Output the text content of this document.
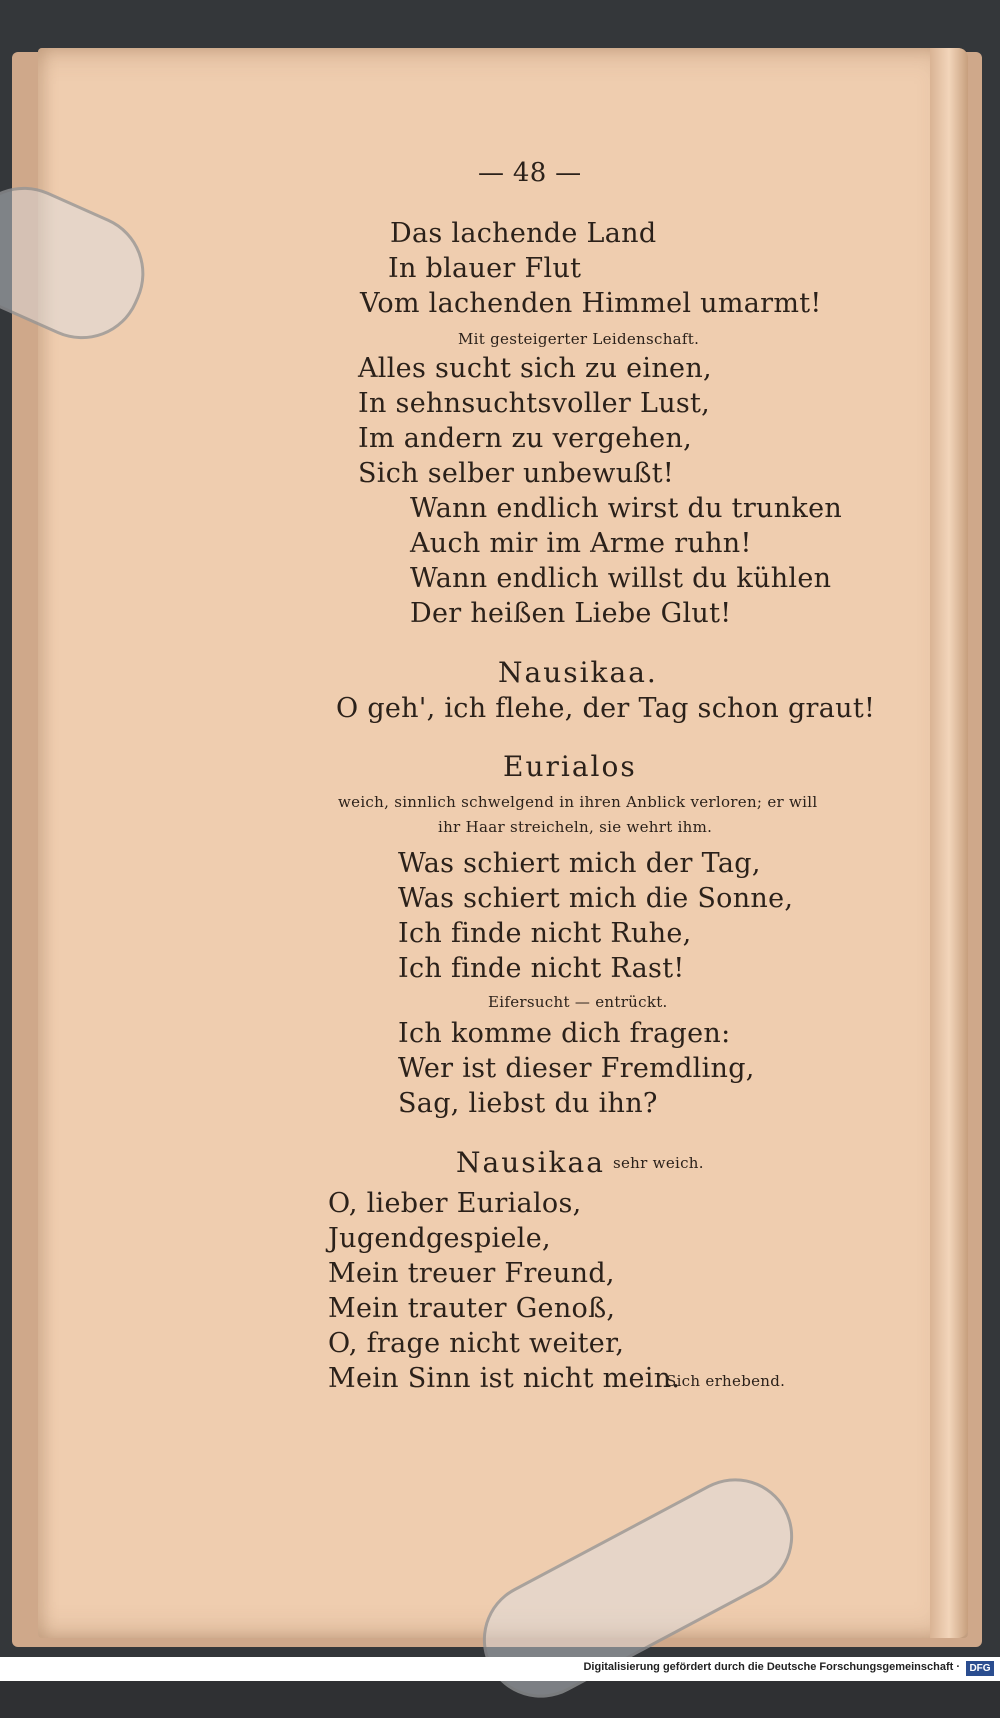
— 48 —
Das lachende Land
In blauer Flut
Vom lachenden Himmel umarmt!
Mit gesteigerter Leidenschaft.
Alles sucht sich zu einen,
In sehnsuchtsvoller Lust,
Im andern zu vergehen,
Sich selber unbewußt!
Wann endlich wirst du trunken
Auch mir im Arme ruhn!
Wann endlich willst du kühlen
Der heißen Liebe Glut!
Nausikaa.
O geh', ich flehe, der Tag schon graut!
Eurialos
weich, sinnlich schwelgend in ihren Anblick verloren; er will
ihr Haar streicheln, sie wehrt ihm.
Was schiert mich der Tag,
Was schiert mich die Sonne,
Ich finde nicht Ruhe,
Ich finde nicht Rast!
Eifersucht — entrückt.
Ich komme dich fragen:
Wer ist dieser Fremdling,
Sag, liebst du ihn?
Nausikaa sehr weich.
O, lieber Eurialos,
Jugendgespiele,
Mein treuer Freund,
Mein trauter Genoß,
O, frage nicht weiter,
Mein Sinn ist nicht mein.
Sich erhebend.
Digitalisierung gefördert durch die Deutsche Forschungsgemeinschaft · DFG
